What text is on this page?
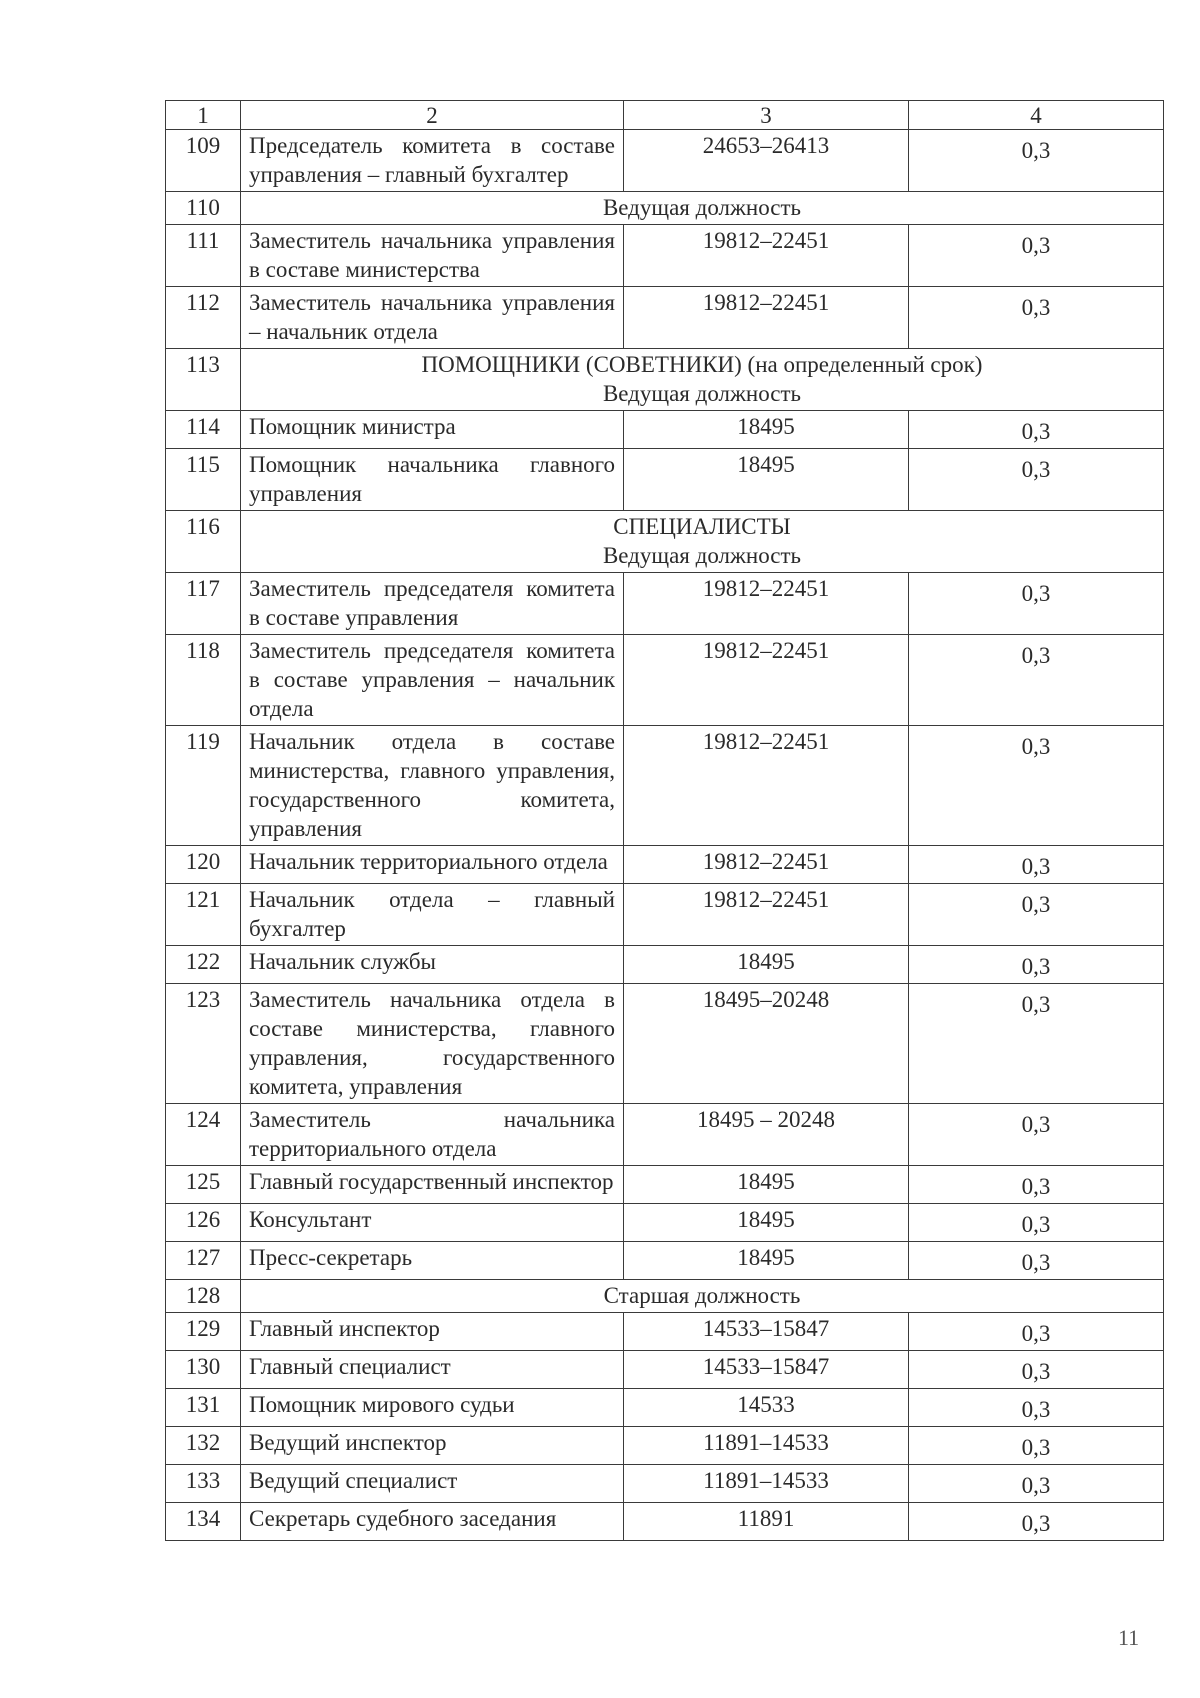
1	2	3	4
109	Председатель комитета в составе управления – главный бухгалтер	24653–26413	0,3
110	Ведущая должность		

111	Заместитель начальника управления в составе министерства	19812–22451	0,3
112	Заместитель начальника управления – начальник отдела	19812–22451	0,3
113	ПОМОЩНИКИ (СОВЕТНИКИ) (на определенный срок)
Ведущая должность		

114	Помощник министра	18495	0,3
115	Помощник начальника главного управления	18495	0,3
116	СПЕЦИАЛИСТЫ
Ведущая должность		

117	Заместитель председателя комитета в составе управления	19812–22451	0,3
118	Заместитель председателя комитета в составе управления – начальник отдела	19812–22451	0,3
119	Начальник отдела в составе министерства, главного управления, государственного комитета, управления	19812–22451	0,3
120	Начальник территориального отдела	19812–22451	0,3
121	Начальник отдела – главный бухгалтер	19812–22451	0,3
122	Начальник службы	18495	0,3
123	Заместитель начальника отдела в составе министерства, главного управления, государственного комитета, управления	18495–20248	0,3
124	Заместитель начальника территориального отдела	18495 – 20248	0,3
125	Главный государственный инспектор	18495	0,3
126	Консультант	18495	0,3
127	Пресс-секретарь	18495	0,3
128	Старшая должность		

129	Главный инспектор	14533–15847	0,3
130	Главный специалист	14533–15847	0,3
131	Помощник мирового судьи	14533	0,3
132	Ведущий инспектор	11891–14533	0,3
133	Ведущий специалист	11891–14533	0,3
134	Секретарь судебного заседания	11891	0,3
11
